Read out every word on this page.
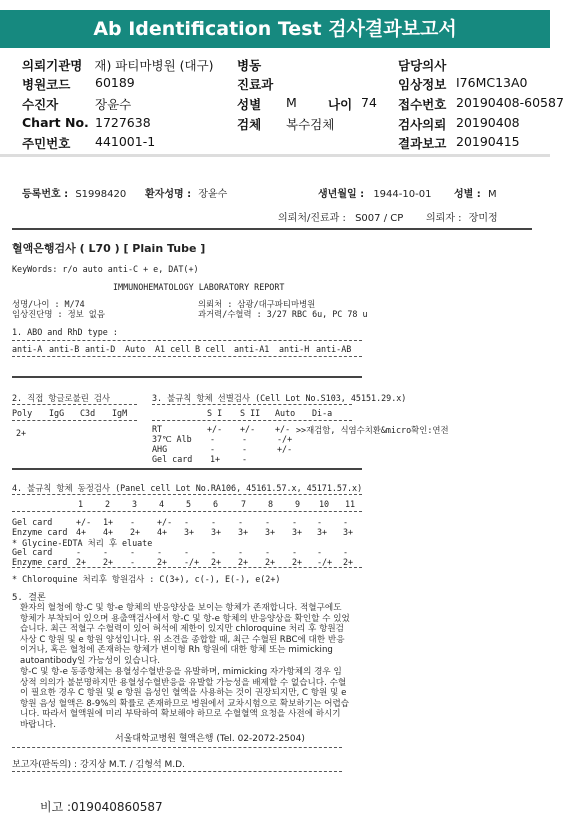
Ab Identification Test 검사결과보고서
의뢰기관명 재) 파티마병원 (대구) 병동	담당의사
병원코드 60189	진료과	임상정보 I76MC13A0
수진자	장윤수	성별 M 나이 74 접수번호 20190408-60587
Chart No. 1727638	검체 복수검체	검사의뢰 20190408
주민번호 441001-1	결과보고 20190415
등록번호 : S1998420 환자성명 : 장윤수	생년월일 : 1944-10-01 성별 : M
의뢰처/진료과 : S007 / CP 의뢰자 : 장미정
혈액은행검사 ( L70 ) [ Plain Tube ]
KeyWords: r/o auto anti-C + e, DAT(+)
IMMUNOHEMATOLOGY LABORATORY REPORT
성명/나이 : M/74	의뢰처 : 삼광/대구파티마병원
임상진단명 : 정보 없음	과거력/수혈력 : 3/27 RBC 6u, PC 78 u
1. ABO and RhD type :
anti-A anti-B anti-D Auto A1 cell B cell anti-A1 anti-H anti-AB
2. 직접 항글로불린 검사
Poly IgG C3d IgM
2+
3. 불규칙 항체 선별검사 (Cell Lot No.S103, 45151.29.x)
S I S II Auto Di-a
RT	+/- +/- +/- >>재검함, 식염수치환&micro확인:연전
37℃ Alb -	-	-/+
AHG	-	-	+/-
Gel card 1+	-
4. 불규칙 항체 동정검사 (Panel cell Lot No.RA106, 45161.57.x, 45171.57.x)
1	2	3	4	5	6	7	8	9 10 11
Gel card	+/- 1+ -	+/- -	-	-	-	- - -
Enzyme card 4+ 4+ 2+ 4+ 3+ 3+ 3+ 3+ 3+ 3+ 3+
* Glycine-EDTA 처리 후 eluate
Gel card	-	-	-	-	-	-	-	-	- - -
Enzyme card 2+ 2+ -	2+ -/+ 2+ 2+ 2+ 2+ -/+ 2+
* Chloroquine 처리후 항원검사 : C(3+), c(-), E(-), e(2+)
5. 결론
환자의 혈청에 항-C 및 항-e 항체의 반응양상을 보이는 항체가 존재합니다. 적혈구에도 항체가 부착되어 있으며 용출액검사에서 항-C 및 항-e 항체의 반응양상을 확인할 수 있었습니다. 최근 적혈구 수혈력이 있어 혀석에 제한이 있지만 chloroquine 처리 후 항원검사상 C 항원 및 e 항원 양성입니다. 위 소견을 종합할 때, 최근 수혈된 RBC에 대한 반응이거나, 혹은 혈청에 존재하는 항체가 변이형 Rh 항원에 대한 항체 또는 mimicking autoantibody일 가능성이 있습니다.
항-C 및 항-e 동종항체는 용혈성수혈반응을 유발하며, mimicking 자가항체의 경우 임상적 의의가 불분명하지만 용혈성수혈반응을 유발할 가능성을 배제할 수 없습니다. 수혈이 필요한 경우 C 항원 및 e 항원 음성인 혈액을 사용하는 것이 권장되지만, C 항원 및 e 항원 음성 혈액은 8-9%의 확률로 존재하므로 병원에서 교차시험으로 확보하기는 어렵습니다. 따라서 혈액원에 미리 부탁하여 확보해야 하므로 수혈혈액 요청을 사전에 하시기 바랍니다.
서울대학교병원 혈액은행 (Tel. 02-2072-2504)
보고자(판독의) : 강지상 M.T. / 김형석 M.D.
비고 :019040860587
